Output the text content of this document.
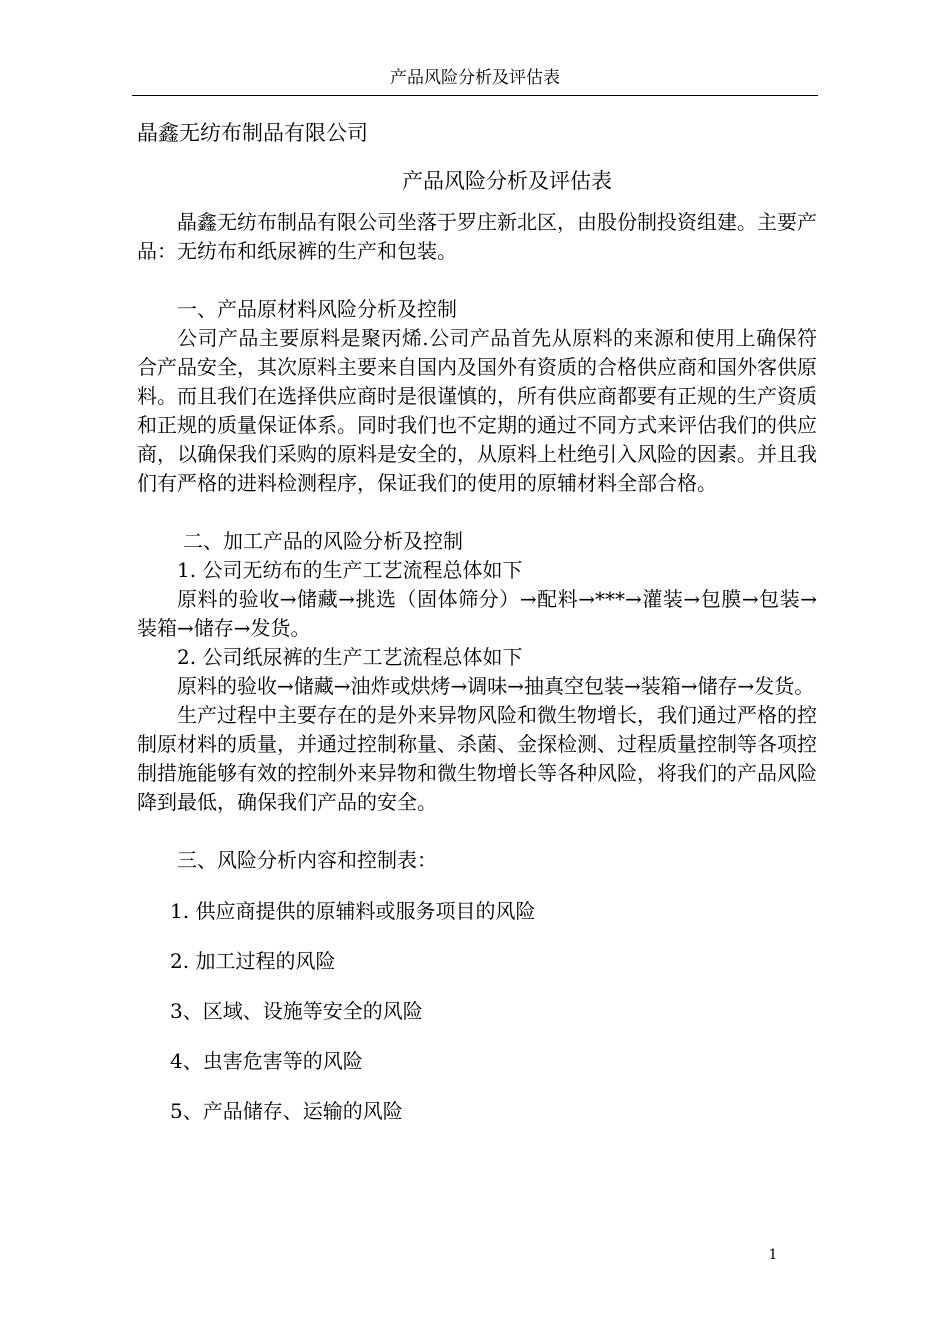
产品风险分析及评估表

晶鑫无纺布制品有限公司

产品风险分析及评估表

晶鑫无纺布制品有限公司坐落于罗庄新北区，由股份制投资组建。主要产品：无纺布和纸尿裤的生产和包装。

一、产品原材料风险分析及控制

公司产品主要原料是聚丙烯.公司产品首先从原料的来源和使用上确保符合产品安全，其次原料主要来自国内及国外有资质的合格供应商和国外客供原料。而且我们在选择供应商时是很谨慎的，所有供应商都要有正规的生产资质和正规的质量保证体系。同时我们也不定期的通过不同方式来评估我们的供应商，以确保我们采购的原料是安全的，从原料上杜绝引入风险的因素。并且我们有严格的进料检测程序，保证我们的使用的原辅材料全部合格。

二、加工产品的风险分析及控制

1. 公司无纺布的生产工艺流程总体如下

原料的验收→储藏→挑选（固体筛分）→配料→***→灌装→包膜→包装→装箱→储存→发货。

2. 公司纸尿裤的生产工艺流程总体如下

原料的验收→储藏→油炸或烘烤→调味→抽真空包装→装箱→储存→发货。

生产过程中主要存在的是外来异物风险和微生物增长，我们通过严格的控制原材料的质量，并通过控制称量、杀菌、金探检测、过程质量控制等各项控制措施能够有效的控制外来异物和微生物增长等各种风险，将我们的产品风险降到最低，确保我们产品的安全。

三、风险分析内容和控制表：

1. 供应商提供的原辅料或服务项目的风险
2. 加工过程的风险
3、区域、设施等安全的风险
4、虫害危害等的风险
5、产品储存、运输的风险
1
